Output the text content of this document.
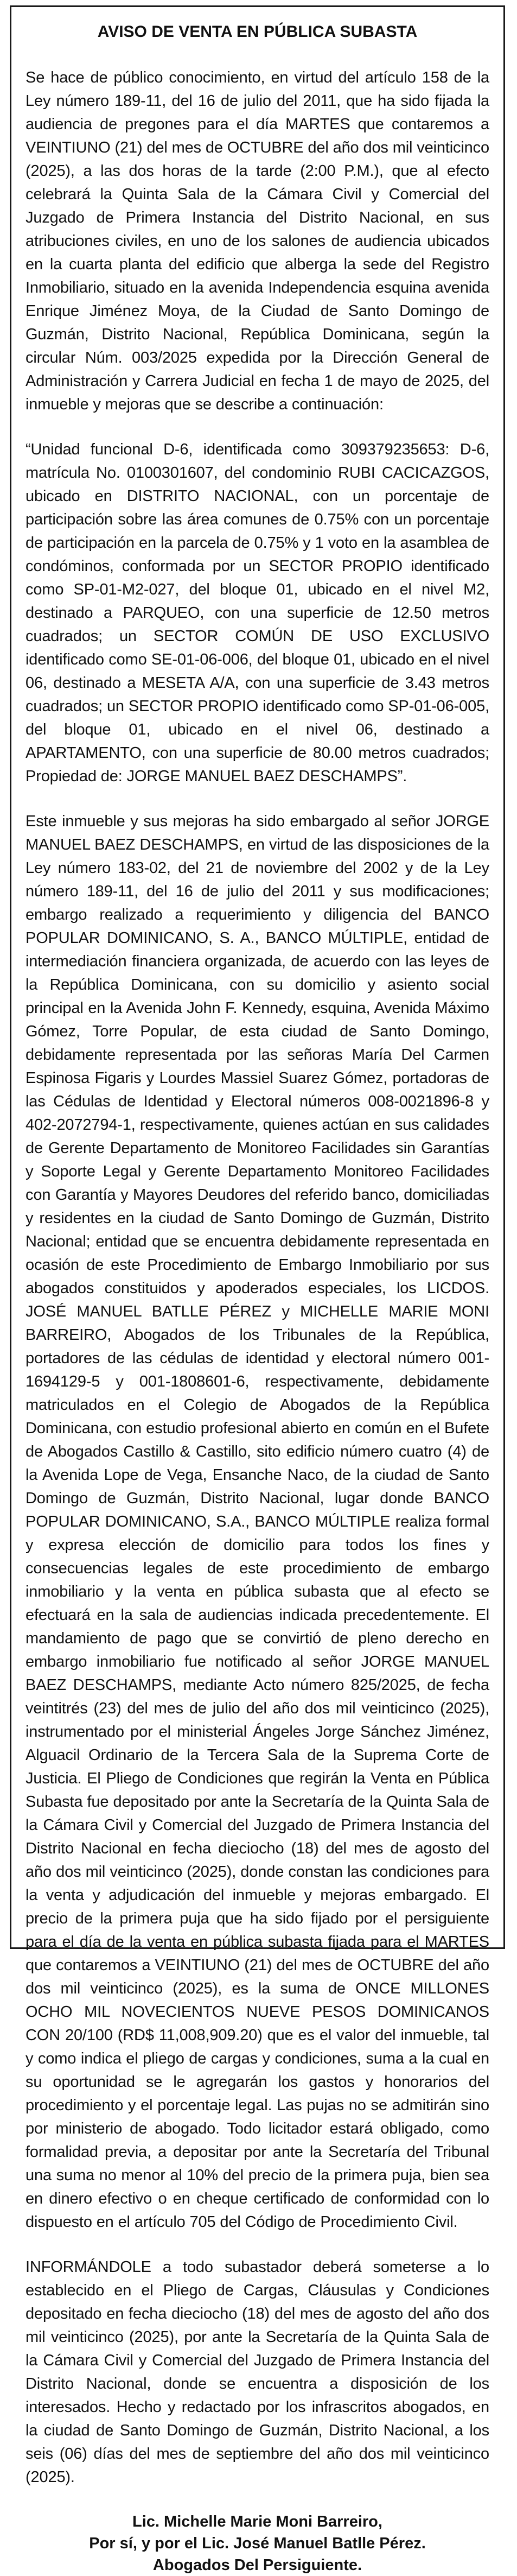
AVISO DE VENTA EN PÚBLICA SUBASTA

Se hace de público conocimiento, en virtud del artículo 158 de la Ley número 189-11, del 16 de julio del 2011, que ha sido fijada la audiencia de pregones para el día MARTES que contaremos a VEINTIUNO (21) del mes de OCTUBRE del año dos mil veinticinco (2025), a las dos horas de la tarde (2:00 P.M.), que al efecto celebrará la Quinta Sala de la Cámara Civil y Comercial del Juzgado de Primera Instancia del Distrito Nacional, en sus atribuciones civiles, en uno de los salones de audiencia ubicados en la cuarta planta del edificio que alberga la sede del Registro Inmobiliario, situado en la avenida Independencia esquina avenida Enrique Jiménez Moya, de la Ciudad de Santo Domingo de Guzmán, Distrito Nacional, República Dominicana, según la circular Núm. 003/2025 expedida por la Dirección General de Administración y Carrera Judicial en fecha 1 de mayo de 2025, del inmueble y mejoras que se describe a continuación:

“Unidad funcional D-6, identificada como 309379235653: D-6, matrícula No. 0100301607, del condominio RUBI CACICAZGOS, ubicado en DISTRITO NACIONAL, con un porcentaje de participación sobre las área comunes de 0.75% con un porcentaje de participación en la parcela de 0.75% y 1 voto en la asamblea de condóminos, conformada por un SECTOR PROPIO identificado como SP-01-M2-027, del bloque 01, ubicado en el nivel M2, destinado a PARQUEO, con una superficie de 12.50 metros cuadrados; un SECTOR COMÚN DE USO EXCLUSIVO identificado como SE-01-06-006, del bloque 01, ubicado en el nivel 06, destinado a MESETA A/A, con una superficie de 3.43 metros cuadrados; un SECTOR PROPIO identificado como SP-01-06-005, del bloque 01, ubicado en el nivel 06, destinado a APARTAMENTO, con una superficie de 80.00 metros cuadrados; Propiedad de: JORGE MANUEL BAEZ DESCHAMPS”.

Este inmueble y sus mejoras ha sido embargado al señor JORGE MANUEL BAEZ DESCHAMPS, en virtud de las disposiciones de la Ley número 183-02, del 21 de noviembre del 2002 y de la Ley número 189-11, del 16 de julio del 2011 y sus modificaciones; embargo realizado a requerimiento y diligencia del BANCO POPULAR DOMINICANO, S. A., BANCO MÚLTIPLE, entidad de intermediación financiera organizada, de acuerdo con las leyes de la República Dominicana, con su domicilio y asiento social principal en la Avenida John F. Kennedy, esquina, Avenida Máximo Gómez, Torre Popular, de esta ciudad de Santo Domingo, debidamente representada por las señoras María Del Carmen Espinosa Figaris y Lourdes Massiel Suarez Gómez, portadoras de las Cédulas de Identidad y Electoral números 008-0021896-8 y 402-2072794-1, respectivamente, quienes actúan en sus calidades de Gerente Departamento de Monitoreo Facilidades sin Garantías y Soporte Legal y Gerente Departamento Monitoreo Facilidades con Garantía y Mayores Deudores del referido banco, domiciliadas y residentes en la ciudad de Santo Domingo de Guzmán, Distrito Nacional; entidad que se encuentra debidamente representada en ocasión de este Procedimiento de Embargo Inmobiliario por sus abogados constituidos y apoderados especiales, los LICDOS. JOSÉ MANUEL BATLLE PÉREZ y MICHELLE MARIE MONI BARREIRO, Abogados de los Tribunales de la República, portadores de las cédulas de identidad y electoral número 001-1694129-5 y 001-1808601-6, respectivamente, debidamente matriculados en el Colegio de Abogados de la República Dominicana, con estudio profesional abierto en común en el Bufete de Abogados Castillo & Castillo, sito edificio número cuatro (4) de la Avenida Lope de Vega, Ensanche Naco, de la ciudad de Santo Domingo de Guzmán, Distrito Nacional, lugar donde BANCO POPULAR DOMINICANO, S.A., BANCO MÚLTIPLE realiza formal y expresa elección de domicilio para todos los fines y consecuencias legales de este procedimiento de embargo inmobiliario y la venta en pública subasta que al efecto se efectuará en la sala de audiencias indicada precedentemente. El mandamiento de pago que se convirtió de pleno derecho en embargo inmobiliario fue notificado al señor JORGE MANUEL BAEZ DESCHAMPS, mediante Acto número 825/2025, de fecha veintitrés (23) del mes de julio del año dos mil veinticinco (2025), instrumentado por el ministerial Ángeles Jorge Sánchez Jiménez, Alguacil Ordinario de la Tercera Sala de la Suprema Corte de Justicia. El Pliego de Condiciones que regirán la Venta en Pública Subasta fue depositado por ante la Secretaría de la Quinta Sala de la Cámara Civil y Comercial del Juzgado de Primera Instancia del Distrito Nacional en fecha dieciocho (18) del mes de agosto del año dos mil veinticinco (2025), donde constan las condiciones para la venta y adjudicación del inmueble y mejoras embargado. El precio de la primera puja que ha sido fijado por el persiguiente para el día de la venta en pública subasta fijada para el MARTES que contaremos a VEINTIUNO (21) del mes de OCTUBRE del año dos mil veinticinco (2025), es la suma de ONCE MILLONES OCHO MIL NOVECIENTOS NUEVE PESOS DOMINICANOS CON 20/100 (RD$ 11,008,909.20) que es el valor del inmueble, tal y como indica el pliego de cargas y condiciones, suma a la cual en su oportunidad se le agregarán los gastos y honorarios del procedimiento y el porcentaje legal. Las pujas no se admitirán sino por ministerio de abogado. Todo licitador estará obligado, como formalidad previa, a depositar por ante la Secretaría del Tribunal una suma no menor al 10% del precio de la primera puja, bien sea en dinero efectivo o en cheque certificado de conformidad con lo dispuesto en el artículo 705 del Código de Procedimiento Civil.

INFORMÁNDOLE a todo subastador deberá someterse a lo establecido en el Pliego de Cargas, Cláusulas y Condiciones depositado en fecha dieciocho (18) del mes de agosto del año dos mil veinticinco (2025), por ante la Secretaría de la Quinta Sala de la Cámara Civil y Comercial del Juzgado de Primera Instancia del Distrito Nacional, donde se encuentra a disposición de los interesados. Hecho y redactado por los infrascritos abogados, en la ciudad de Santo Domingo de Guzmán, Distrito Nacional, a los seis (06) días del mes de septiembre del año dos mil veinticinco (2025).

Lic. Michelle Marie Moni Barreiro,
Por sí, y por el Lic. José Manuel Batlle Pérez.
Abogados Del Persiguiente.
